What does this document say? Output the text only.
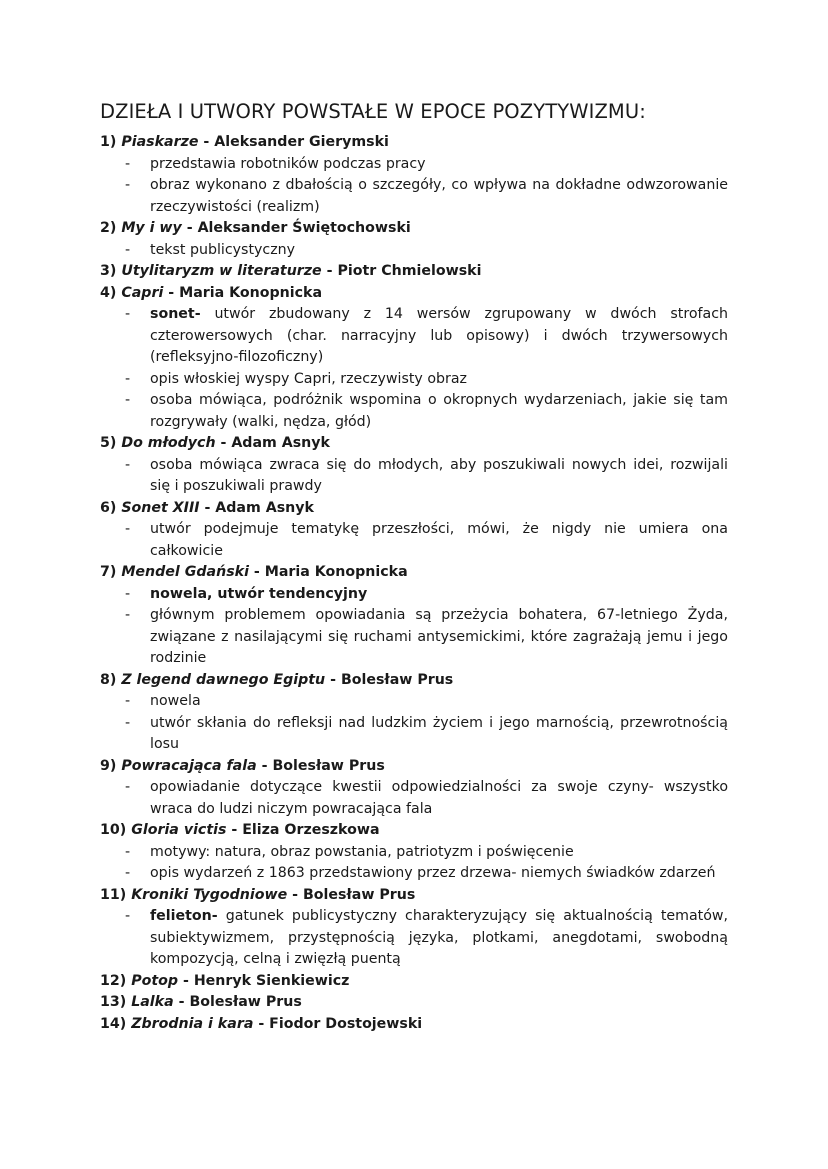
DZIEŁA I UTWORY POWSTAŁE W EPOCE POZYTYWIZMU:
1) Piaskarze - Aleksander Gierymski
- przedstawia robotników podczas pracy
- obraz wykonano z dbałością o szczegóły, co wpływa na dokładne odwzorowanie rzeczywistości (realizm)
2) My i wy - Aleksander Świętochowski
- tekst publicystyczny
3) Utylitaryzm w literaturze - Piotr Chmielowski
4) Capri - Maria Konopnicka
- sonet- utwór zbudowany z 14 wersów zgrupowany w dwóch strofach czterowersowych (char. narracyjny lub opisowy) i dwóch trzywersowych (refleksyjno-filozoficzny)
- opis włoskiej wyspy Capri, rzeczywisty obraz
- osoba mówiąca, podróżnik wspomina o okropnych wydarzeniach, jakie się tam rozgrywały (walki, nędza, głód)
5) Do młodych - Adam Asnyk
- osoba mówiąca zwraca się do młodych, aby poszukiwali nowych idei, rozwijali się i poszukiwali prawdy
6) Sonet XIII - Adam Asnyk
- utwór podejmuje tematykę przeszłości, mówi, że nigdy nie umiera ona całkowicie
7) Mendel Gdański - Maria Konopnicka
- nowela, utwór tendencyjny
- głównym problemem opowiadania są przeżycia bohatera, 67-letniego Żyda, związane z nasilającymi się ruchami antysemickimi, które zagrażają jemu i jego rodzinie
8) Z legend dawnego Egiptu - Bolesław Prus
- nowela
- utwór skłania do refleksji nad ludzkim życiem i jego marnością, przewrotnością losu
9) Powracająca fala - Bolesław Prus
- opowiadanie dotyczące kwestii odpowiedzialności za swoje czyny- wszystko wraca do ludzi niczym powracająca fala
10) Gloria victis - Eliza Orzeszkowa
- motywy: natura, obraz powstania, patriotyzm i poświęcenie
- opis wydarzeń z 1863 przedstawiony przez drzewa- niemych świadków zdarzeń
11) Kroniki Tygodniowe - Bolesław Prus
- felieton- gatunek publicystyczny charakteryzujący się aktualnością tematów, subiektywizmem, przystępnością języka, plotkami, anegdotami, swobodną kompozycją, celną i zwięzłą puentą
12) Potop - Henryk Sienkiewicz
13) Lalka - Bolesław Prus
14) Zbrodnia i kara - Fiodor Dostojewski
